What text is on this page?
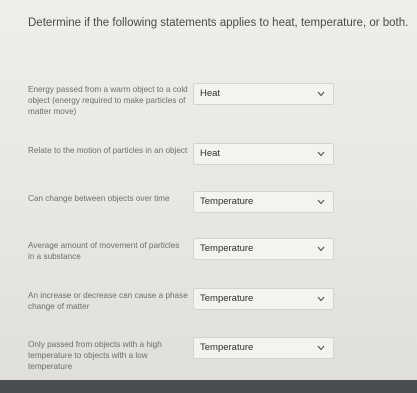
Determine if the following statements applies to heat, temperature, or both.
Energy passed from a warm object to a cold object (energy required to make particles of matter move)
Heat
Relate to the motion of particles in an object Heat
Can change between objects over time	Temperature
Average amount of movement of particles in a substance
Temperature
An increase or decrease can cause a phase change of matter
Temperature
Only passed from objects with a high temperature to objects with a low temperature
Temperature
